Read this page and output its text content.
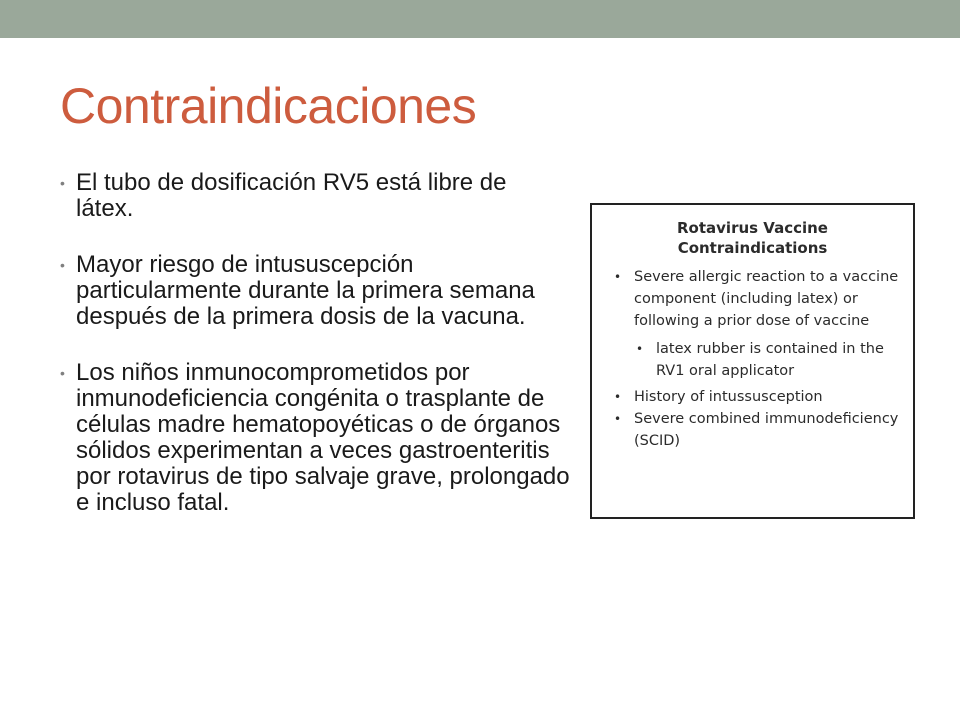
Contraindicaciones
• El tubo de dosificación RV5 está libre de látex.
• Mayor riesgo de intususcepción particularmente durante la primera semana después de la primera dosis de la vacuna.
• Los niños inmunocomprometidos por inmunodeficiencia congénita o trasplante de células madre hematopoyéticas o de órganos sólidos experimentan a veces gastroenteritis por rotavirus de tipo salvaje grave, prolongado e incluso fatal.
Rotavirus Vaccine
Contraindications
• Severe allergic reaction to a vaccine component (including latex) or following a prior dose of vaccine
• latex rubber is contained in the RV1 oral applicator
• History of intussusception
• Severe combined immunodeficiency (SCID)
